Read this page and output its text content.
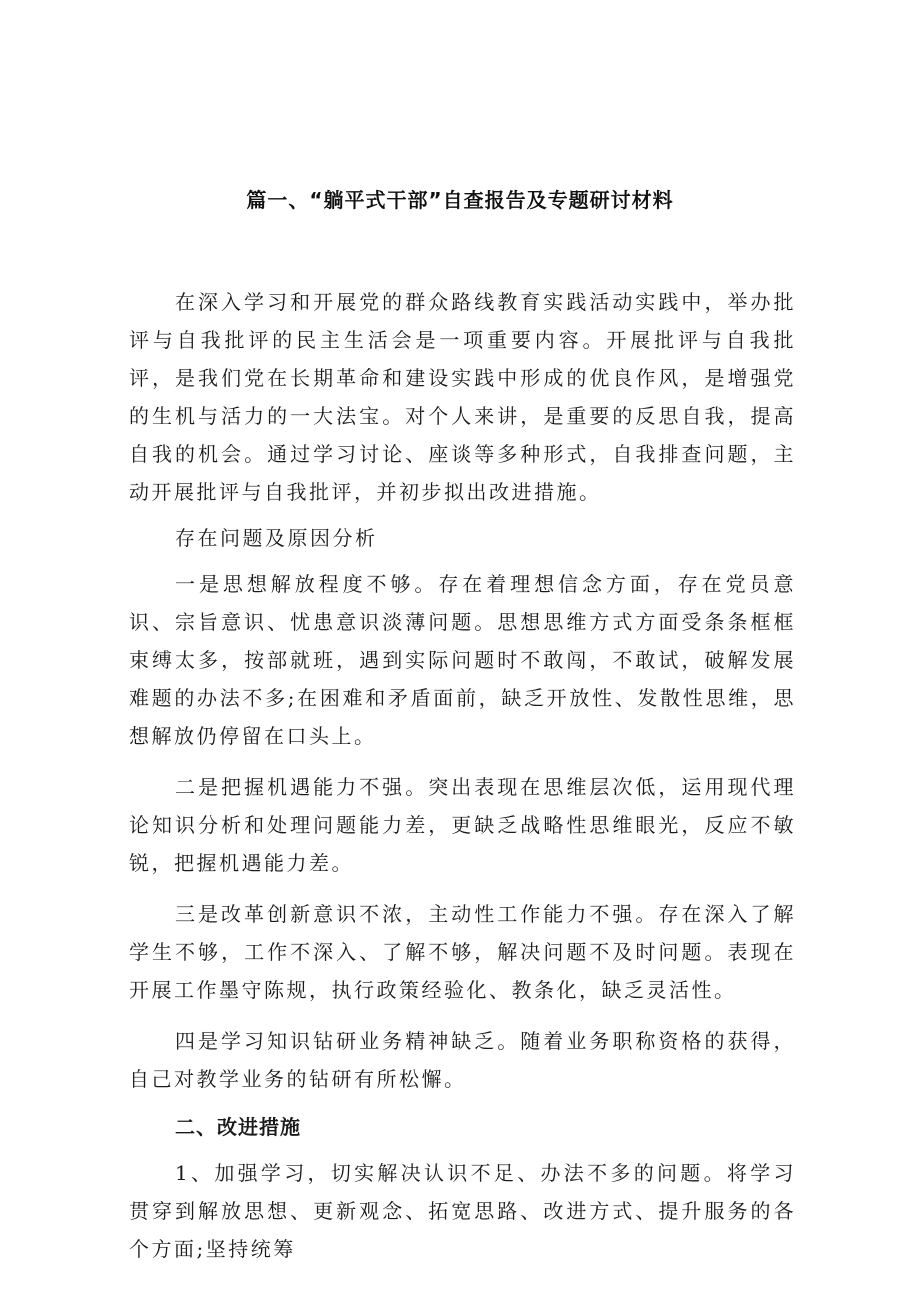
篇一、“躺平式干部”自查报告及专题研讨材料

在深入学习和开展党的群众路线教育实践活动实践中，举办批评与自我批评的民主生活会是一项重要内容。开展批评与自我批评，是我们党在长期革命和建设实践中形成的优良作风，是增强党的生机与活力的一大法宝。对个人来讲，是重要的反思自我，提高自我的机会。通过学习讨论、座谈等多种形式，自我排查问题，主动开展批评与自我批评，并初步拟出改进措施。

存在问题及原因分析

一是思想解放程度不够。存在着理想信念方面，存在党员意识、宗旨意识、忧患意识淡薄问题。思想思维方式方面受条条框框束缚太多，按部就班，遇到实际问题时不敢闯，不敢试，破解发展难题的办法不多;在困难和矛盾面前，缺乏开放性、发散性思维，思想解放仍停留在口头上。

二是把握机遇能力不强。突出表现在思维层次低，运用现代理论知识分析和处理问题能力差，更缺乏战略性思维眼光，反应不敏锐，把握机遇能力差。

三是改革创新意识不浓，主动性工作能力不强。存在深入了解学生不够，工作不深入、了解不够，解决问题不及时问题。表现在开展工作墨守陈规，执行政策经验化、教条化，缺乏灵活性。

四是学习知识钻研业务精神缺乏。随着业务职称资格的获得，自己对教学业务的钻研有所松懈。

二、改进措施

1、加强学习，切实解决认识不足、办法不多的问题。将学习贯穿到解放思想、更新观念、拓宽思路、改进方式、提升服务的各个方面;坚持统筹
